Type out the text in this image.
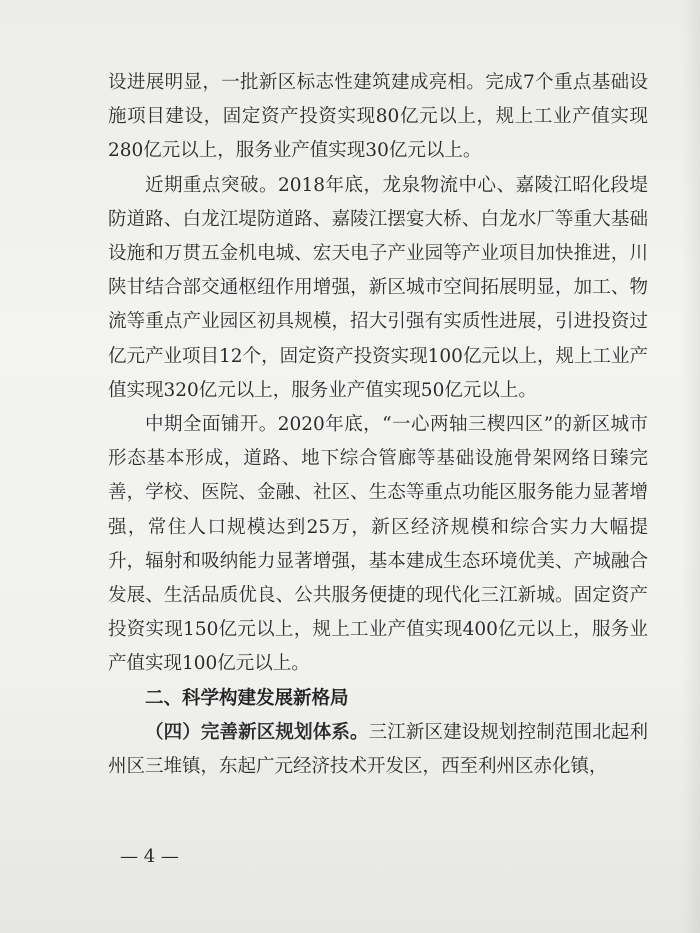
设进展明显，一批新区标志性建筑建成亮相。完成7个重点基础设施项目建设，固定资产投资实现80亿元以上，规上工业产值实现280亿元以上，服务业产值实现30亿元以上。

近期重点突破。2018年底，龙泉物流中心、嘉陵江昭化段堤防道路、白龙江堤防道路、嘉陵江摆宴大桥、白龙水厂等重大基础设施和万贯五金机电城、宏天电子产业园等产业项目加快推进，川陕甘结合部交通枢纽作用增强，新区城市空间拓展明显，加工、物流等重点产业园区初具规模，招大引强有实质性进展，引进投资过亿元产业项目12个，固定资产投资实现100亿元以上，规上工业产值实现320亿元以上，服务业产值实现50亿元以上。

中期全面铺开。2020年底，“一心两轴三楔四区”的新区城市形态基本形成，道路、地下综合管廊等基础设施骨架网络日臻完善，学校、医院、金融、社区、生态等重点功能区服务能力显著增强，常住人口规模达到25万，新区经济规模和综合实力大幅提升，辐射和吸纳能力显著增强，基本建成生态环境优美、产城融合发展、生活品质优良、公共服务便捷的现代化三江新城。固定资产投资实现150亿元以上，规上工业产值实现400亿元以上，服务业产值实现100亿元以上。

二、科学构建发展新格局

（四）完善新区规划体系。三江新区建设规划控制范围北起利州区三堆镇，东起广元经济技术开发区，西至利州区赤化镇，

— 4 —
